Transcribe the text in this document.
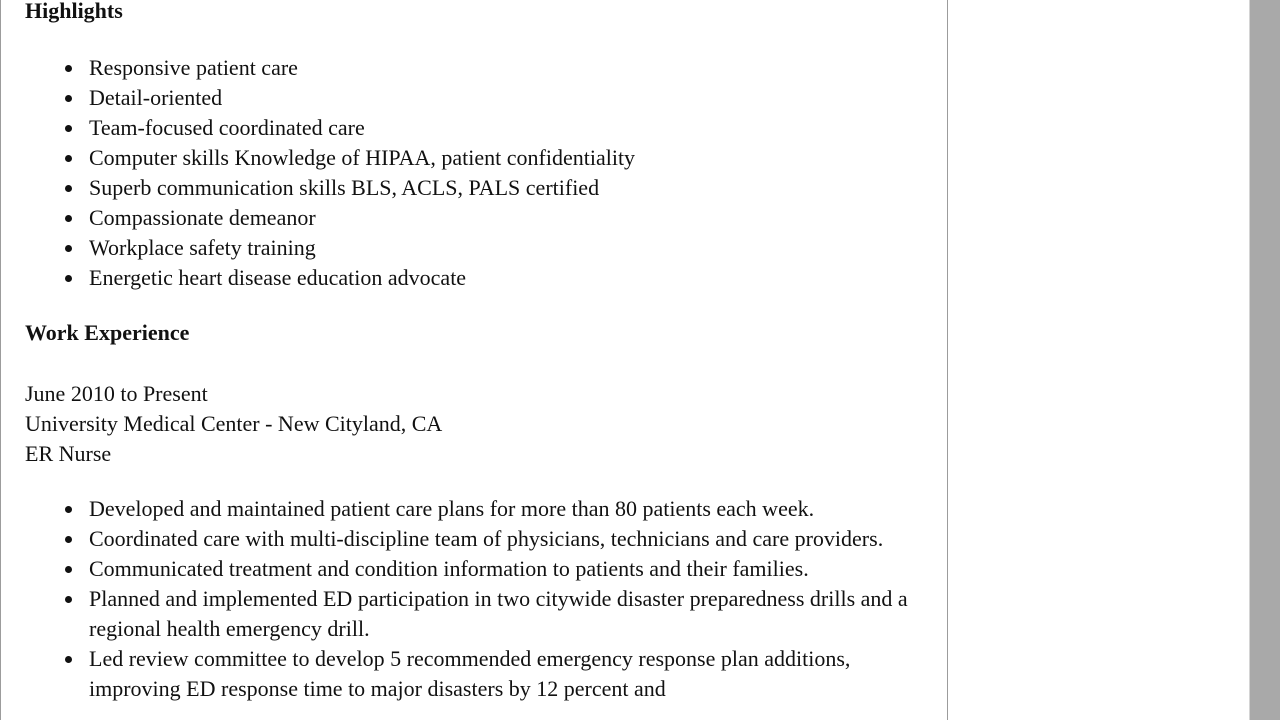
Highlights
Responsive patient care
Detail-oriented
Team-focused coordinated care
Computer skills Knowledge of HIPAA, patient confidentiality
Superb communication skills BLS, ACLS, PALS certified
Compassionate demeanor
Workplace safety training
Energetic heart disease education advocate
Work Experience
June 2010 to Present
University Medical Center - New Cityland, CA
ER Nurse
Developed and maintained patient care plans for more than 80 patients each week.
Coordinated care with multi-discipline team of physicians, technicians and care providers.
Communicated treatment and condition information to patients and their families.
Planned and implemented ED participation in two citywide disaster preparedness drills and a regional health emergency drill.
Led review committee to develop 5 recommended emergency response plan additions, improving ED response time to major disasters by 12 percent and
